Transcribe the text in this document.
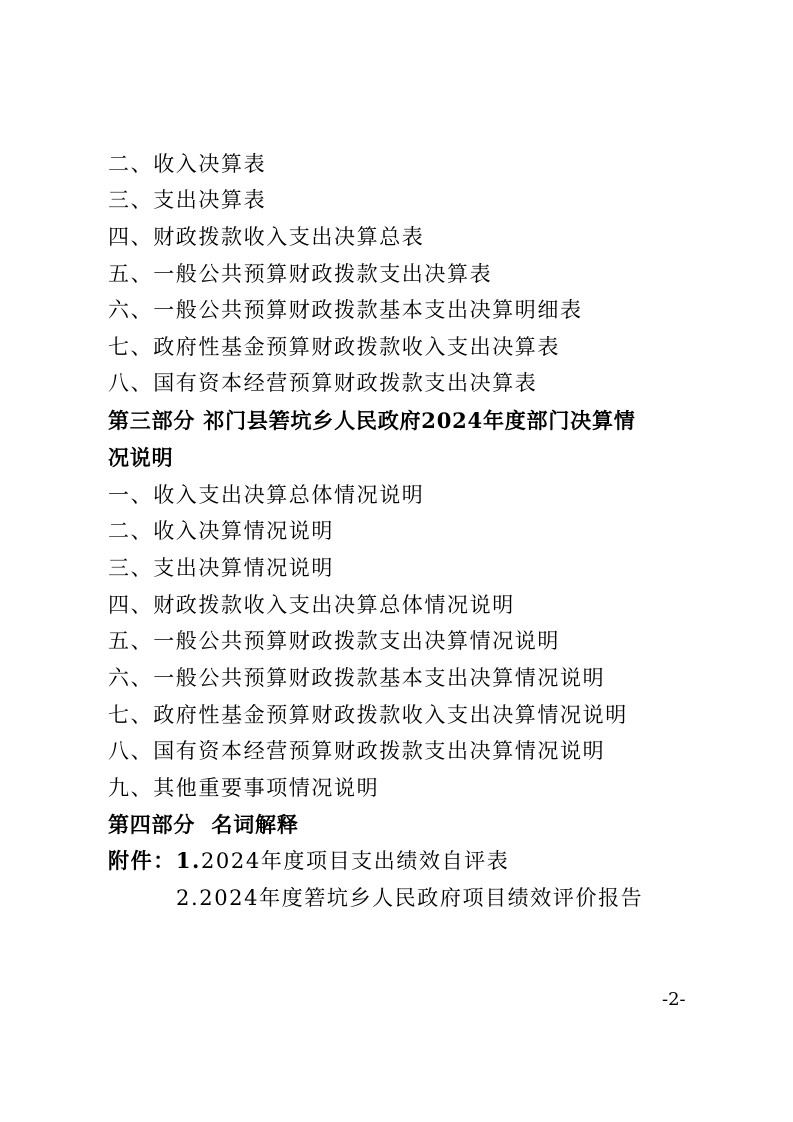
二、收入决算表
三、支出决算表
四、财政拨款收入支出决算总表
五、一般公共预算财政拨款支出决算表
六、一般公共预算财政拨款基本支出决算明细表
七、政府性基金预算财政拨款收入支出决算表
八、国有资本经营预算财政拨款支出决算表
第三部分 祁门县箬坑乡人民政府2024年度部门决算情
况说明
一、收入支出决算总体情况说明
二、收入决算情况说明
三、支出决算情况说明
四、财政拨款收入支出决算总体情况说明
五、一般公共预算财政拨款支出决算情况说明
六、一般公共预算财政拨款基本支出决算情况说明
七、政府性基金预算财政拨款收入支出决算情况说明
八、国有资本经营预算财政拨款支出决算情况说明
九、其他重要事项情况说明
第四部分  名词解释
附件：1.2024年度项目支出绩效自评表
2.2024年度箬坑乡人民政府项目绩效评价报告
-2-
